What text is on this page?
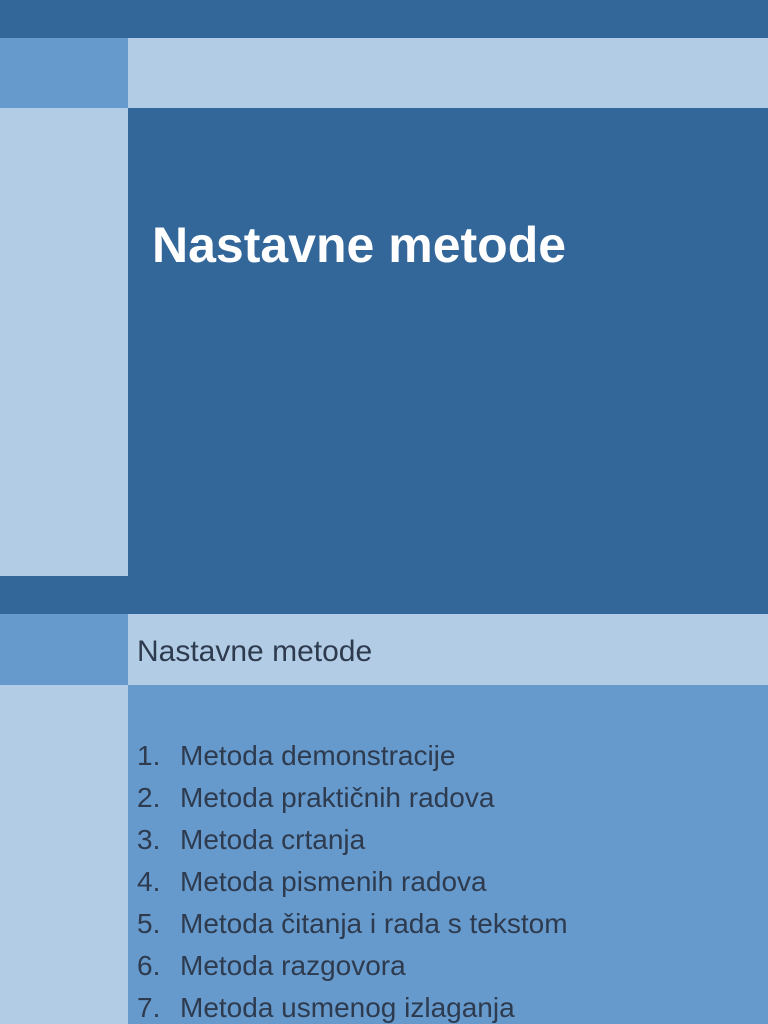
Nastavne metode
Nastavne metode
1. Metoda demonstracije
2. Metoda praktičnih radova
3. Metoda crtanja
4. Metoda pismenih radova
5. Metoda čitanja i rada s tekstom
6. Metoda razgovora
7. Metoda usmenog izlaganja
